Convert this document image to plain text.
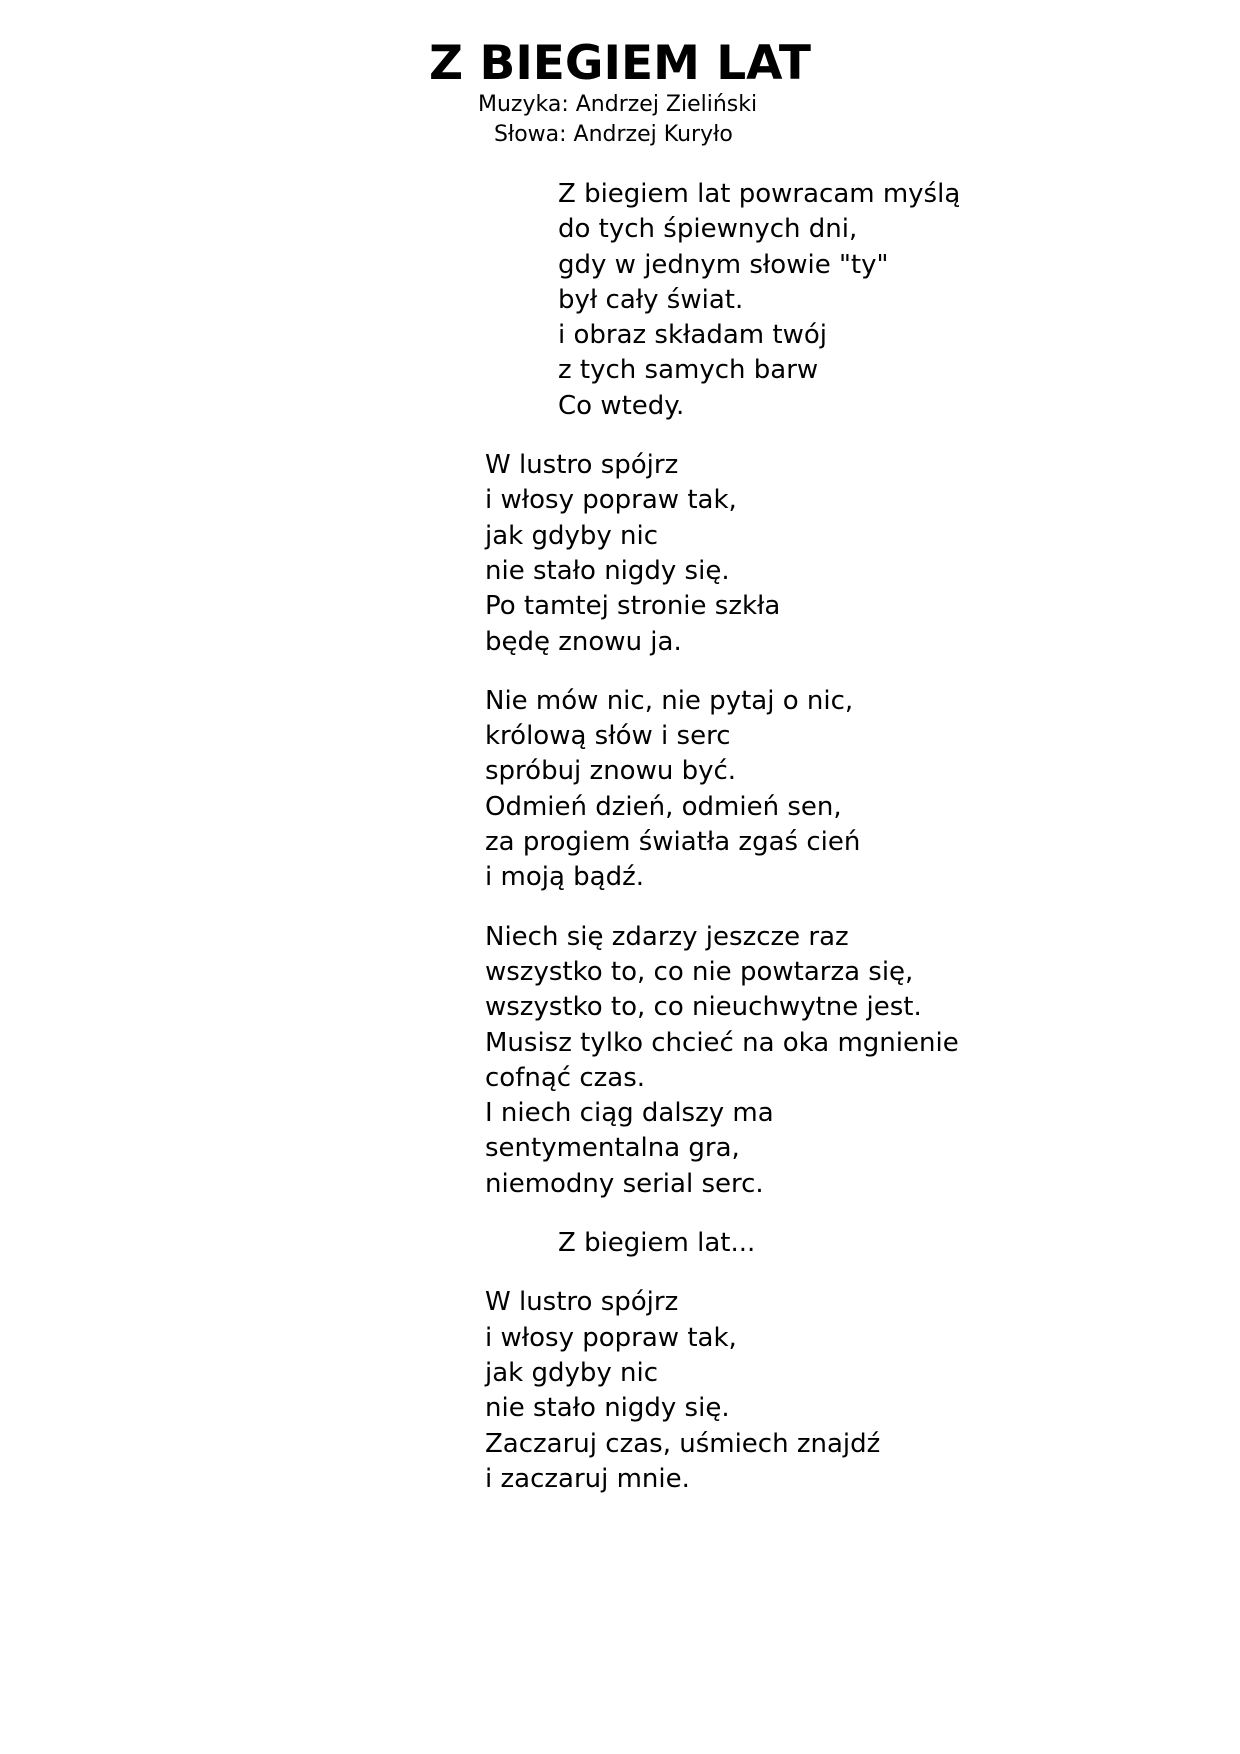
Z BIEGIEM LAT
Muzyka: Andrzej Zieliński
Słowa: Andrzej Kuryło
Z biegiem lat powracam myślą
do tych śpiewnych dni,
gdy w jednym słowie "ty"
był cały świat.
i obraz składam twój
z tych samych barw
Co wtedy.
W lustro spójrz
i włosy popraw tak,
jak gdyby nic
nie stało nigdy się.
Po tamtej stronie szkła
będę znowu ja.
Nie mów nic, nie pytaj o nic,
królową słów i serc
spróbuj znowu być.
Odmień dzień, odmień sen,
za progiem światła zgaś cień
i moją bądź.
Niech się zdarzy jeszcze raz
wszystko to, co nie powtarza się,
wszystko to, co nieuchwytne jest.
Musisz tylko chcieć na oka mgnienie
cofnąć czas.
I niech ciąg dalszy ma
sentymentalna gra,
niemodny serial serc.
Z biegiem lat...
W lustro spójrz
i włosy popraw tak,
jak gdyby nic
nie stało nigdy się.
Zaczaruj czas, uśmiech znajdź
i zaczaruj mnie.
